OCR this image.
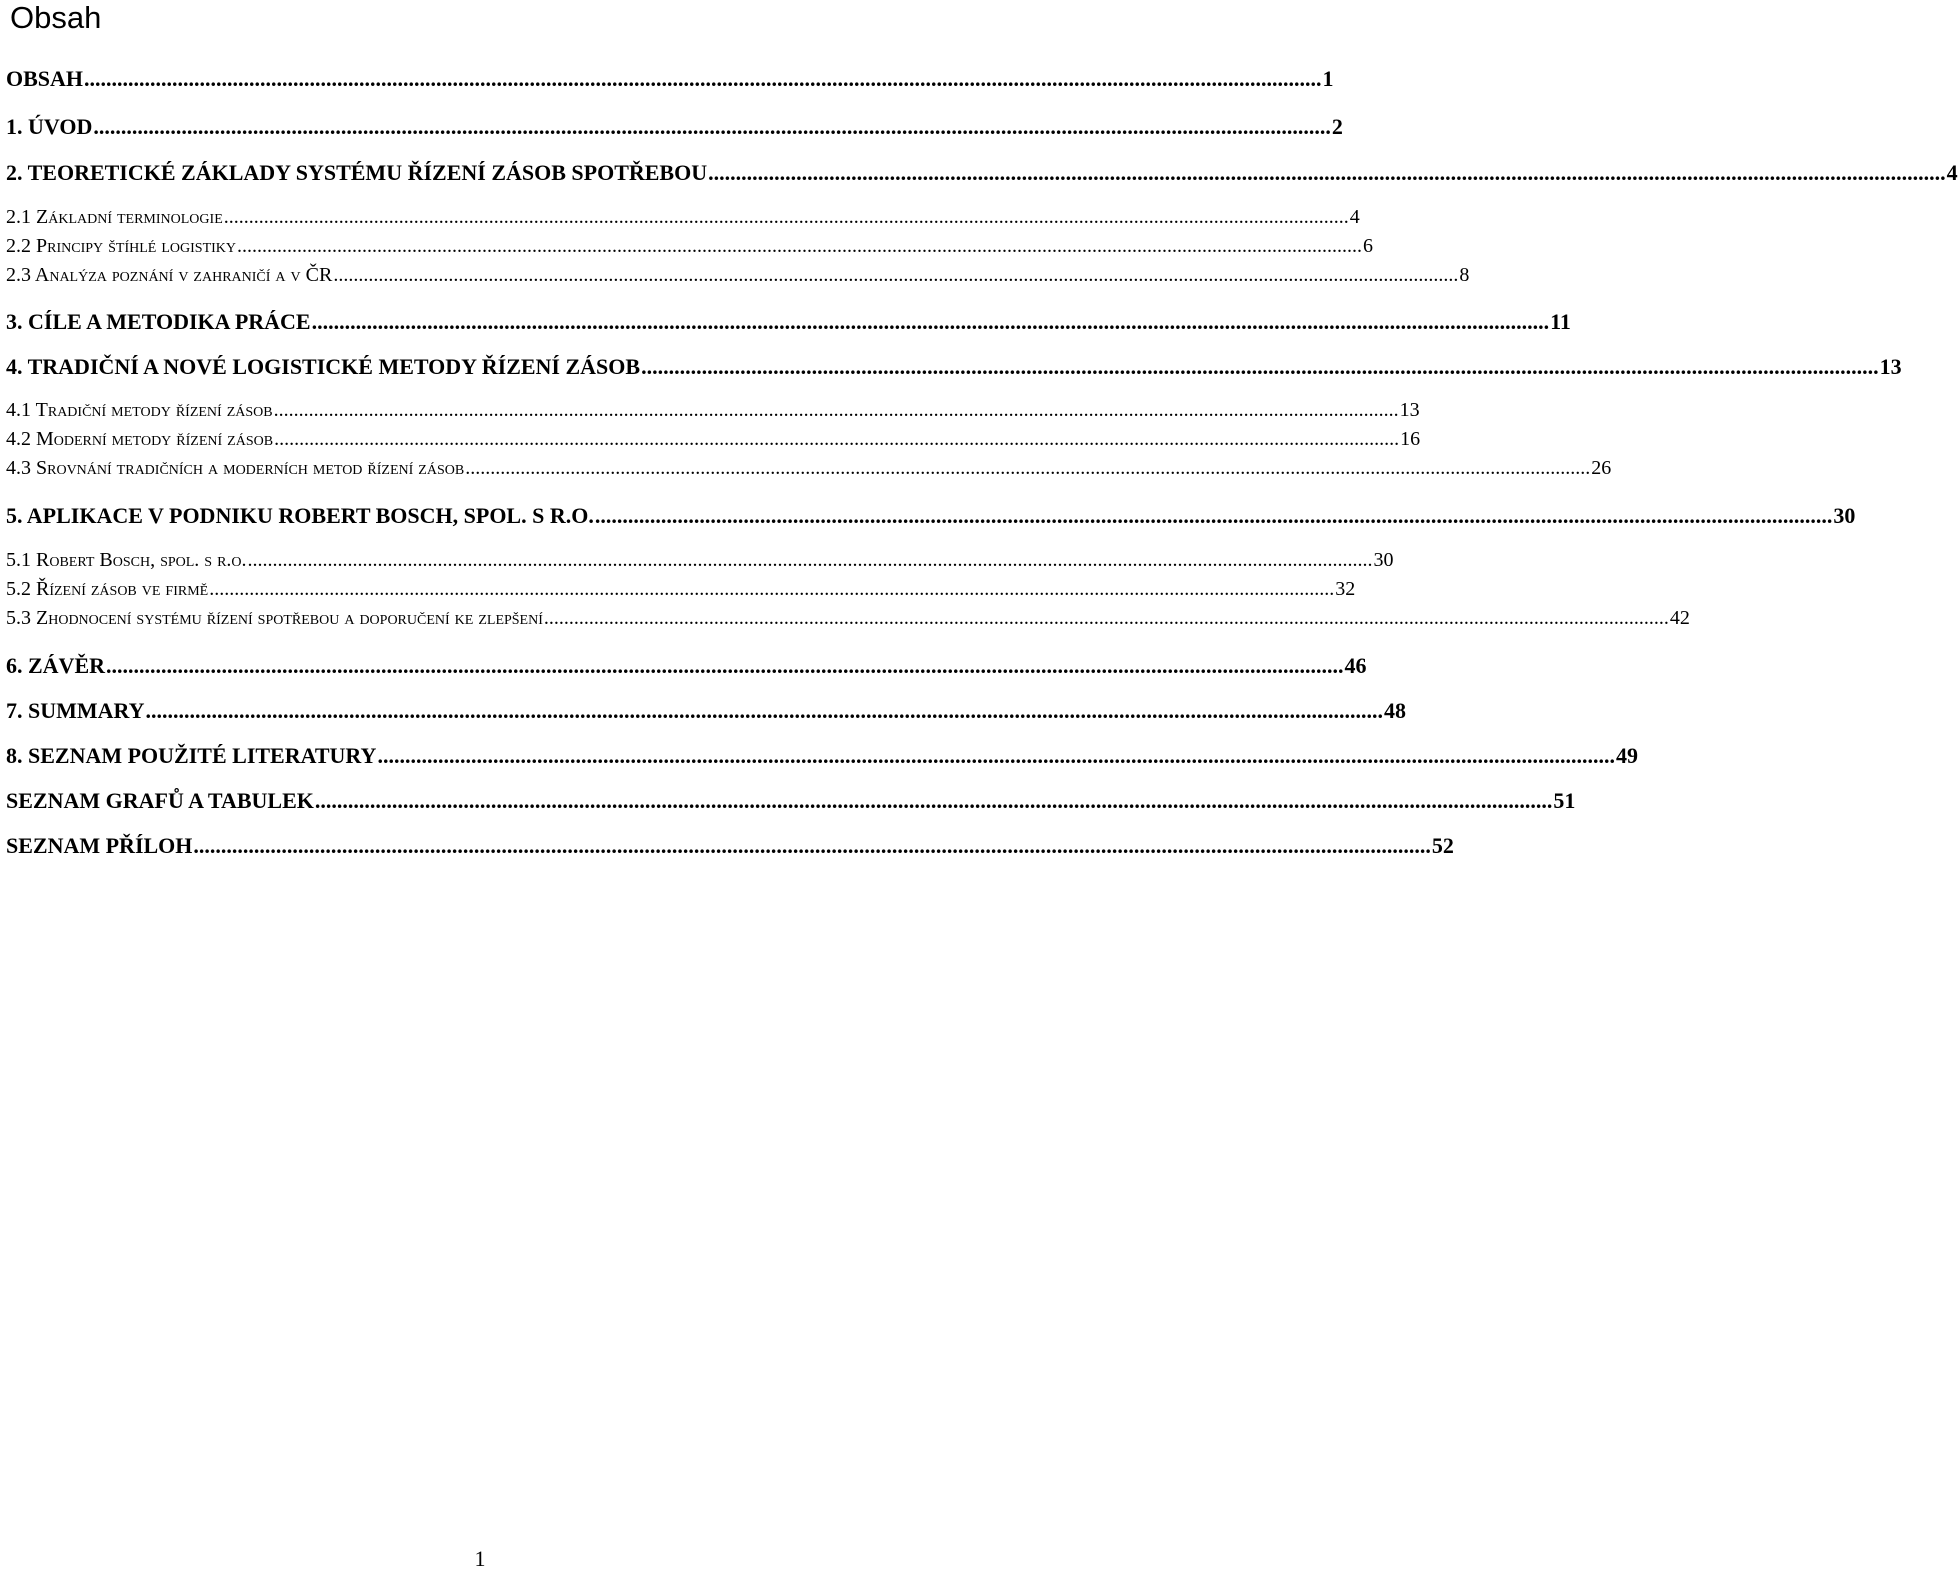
Obsah
OBSAH ................................................................................................................................................................................................................................. 1
1. ÚVOD ................................................................................................................................................................................................................................. 2
2. TEORETICKÉ ZÁKLADY SYSTÉMU ŘÍZENÍ ZÁSOB SPOTŘEBOU ................................................................................................................................................................................................................................. 4
2.1 Základní terminologie ................................................................................................................................................................................................................................. 4
2.2 Principy štíhlé logistiky ................................................................................................................................................................................................................................. 6
2.3 Analýza poznání v zahraničí a v ČR ................................................................................................................................................................................................................................. 8
3. CÍLE A METODIKA PRÁCE ................................................................................................................................................................................................................................. 11
4. TRADIČNÍ A NOVÉ LOGISTICKÉ METODY ŘÍZENÍ ZÁSOB ................................................................................................................................................................................................................................. 13
4.1 Tradiční metody řízení zásob ................................................................................................................................................................................................................................. 13
4.2 Moderní metody řízení zásob ................................................................................................................................................................................................................................. 16
4.3 Srovnání tradičních a moderních metod řízení zásob ................................................................................................................................................................................................................................. 26
5. APLIKACE V PODNIKU ROBERT BOSCH, SPOL. S R.O. ................................................................................................................................................................................................................................. 30
5.1 Robert Bosch, spol. s r.o. ................................................................................................................................................................................................................................. 30
5.2 Řízení zásob ve firmě ................................................................................................................................................................................................................................. 32
5.3 Zhodnocení systému řízení spotřebou a doporučení ke zlepšení ................................................................................................................................................................................................................................. 42
6. ZÁVĚR ................................................................................................................................................................................................................................. 46
7. SUMMARY ................................................................................................................................................................................................................................. 48
8. SEZNAM POUŽITÉ LITERATURY ................................................................................................................................................................................................................................. 49
SEZNAM GRAFŮ A TABULEK ................................................................................................................................................................................................................................. 51
SEZNAM PŘÍLOH ................................................................................................................................................................................................................................. 52
1
